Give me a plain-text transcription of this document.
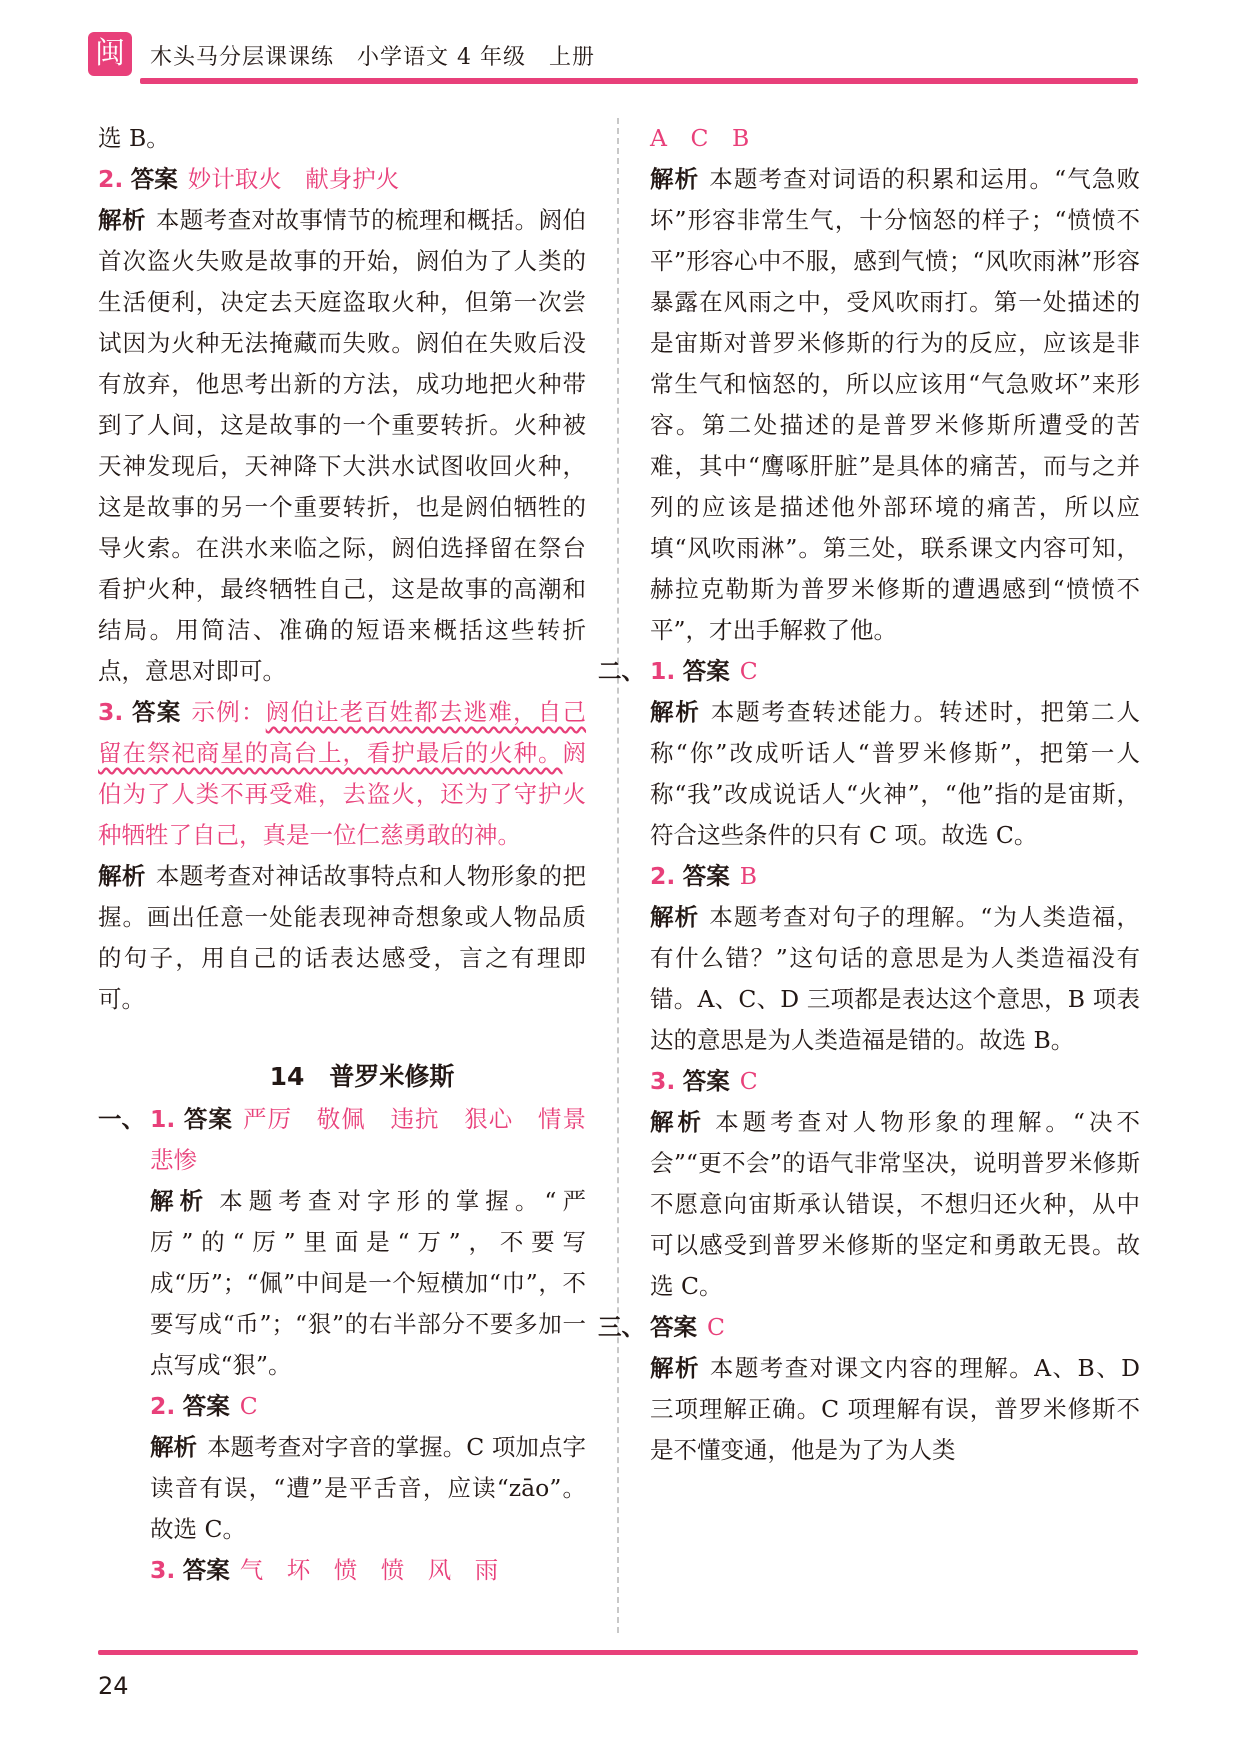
闽	木头马分层课课练　小学语文 4 年级　上册

选 B。

2. 答案 妙计取火　献身护火

解析 本题考查对故事情节的梳理和概括。阏伯首次盗火失败是故事的开始，阏伯为了人类的生活便利，决定去天庭盗取火种，但第一次尝试因为火种无法掩藏而失败。阏伯在失败后没有放弃，他思考出新的方法，成功地把火种带到了人间，这是故事的一个重要转折。火种被天神发现后，天神降下大洪水试图收回火种，这是故事的另一个重要转折，也是阏伯牺牲的导火索。在洪水来临之际，阏伯选择留在祭台看护火种，最终牺牲自己，这是故事的高潮和结局。用简洁、准确的短语来概括这些转折点，意思对即可。

3. 答案 示例：阏伯让老百姓都去逃难，自己留在祭祀商星的高台上，看护最后的火种。阏伯为了人类不再受难，去盗火，还为了守护火种牺牲了自己，真是一位仁慈勇敢的神。

解析 本题考查对神话故事特点和人物形象的把握。画出任意一处能表现神奇想象或人物品质的句子，用自己的话表达感受，言之有理即可。

14　普罗米修斯

一、 1. 答案 严厉　敬佩　违抗　狠心　情景　悲惨

解析 本题考查对字形的掌握。“严厉”的“厉”里面是“万”，不要写成“历”；“佩”中间是一个短横加“巾”，不要写成“币”；“狠”的右半部分不要多加一点写成“狠”。

2. 答案 C

解析 本题考查对字音的掌握。C 项加点字读音有误，“遭”是平舌音，应读“zāo”。故选 C。

3. 答案 气　坏　愤　愤　风　雨

A　C　B

解析 本题考查对词语的积累和运用。“气急败坏”形容非常生气，十分恼怒的样子；“愤愤不平”形容心中不服，感到气愤；“风吹雨淋”形容暴露在风雨之中，受风吹雨打。第一处描述的是宙斯对普罗米修斯的行为的反应，应该是非常生气和恼怒的，所以应该用“气急败坏”来形容。第二处描述的是普罗米修斯所遭受的苦难，其中“鹰啄肝脏”是具体的痛苦，而与之并列的应该是描述他外部环境的痛苦，所以应填“风吹雨淋”。第三处，联系课文内容可知，赫拉克勒斯为普罗米修斯的遭遇感到“愤愤不平”，才出手解救了他。

二、 1. 答案 C

解析 本题考查转述能力。转述时，把第二人称“你”改成听话人“普罗米修斯”，把第一人称“我”改成说话人“火神”，“他”指的是宙斯，符合这些条件的只有 C 项。故选 C。

2. 答案 B

解析 本题考查对句子的理解。“为人类造福，有什么错？”这句话的意思是为人类造福没有错。A、C、D 三项都是表达这个意思，B 项表达的意思是为人类造福是错的。故选 B。

3. 答案 C

解析 本题考查对人物形象的理解。“决不会”“更不会”的语气非常坚决，说明普罗米修斯不愿意向宙斯承认错误，不想归还火种，从中可以感受到普罗米修斯的坚定和勇敢无畏。故选 C。

三、 答案 C

解析 本题考查对课文内容的理解。A、B、D 三项理解正确。C 项理解有误，普罗米修斯不是不懂变通，他是为了为人类

24
